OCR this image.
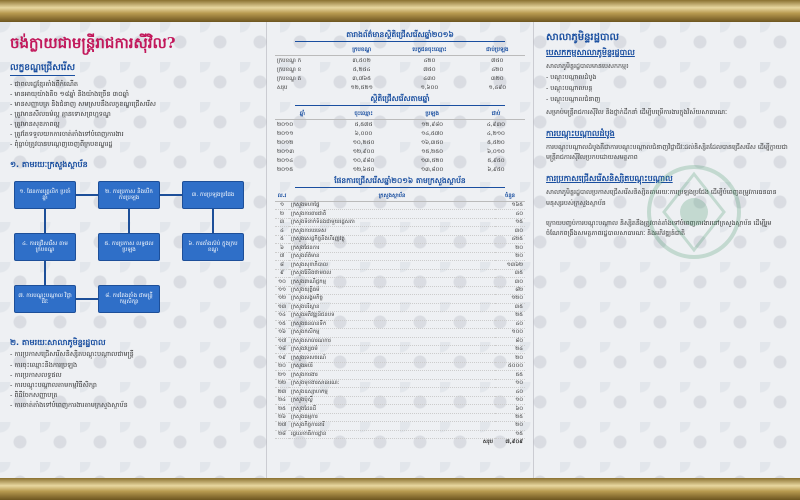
ចង់ក្លាយជាមន្ត្រីរាជការស៊ីវិល?
លក្ខខណ្ឌជ្រើសរើស
- ជាពលរដ្ឋខ្មែរតាំងពីកំណើត
- មានអាយុយ៉ាងតិច ១៨ឆ្នាំ និងយ៉ាងច្រើន ៣០ឆ្នាំ
- មានសញ្ញាបត្រ និងជំនាញ សមស្របនឹងលក្ខខណ្ឌជ្រើសរើស
- ត្រូវមានសីលធម៌ល្អ គ្មានទោសព្រហ្មទណ្ឌ
- ត្រូវមានសុខភាពល្អ
- ត្រូវតែទទួលយកការចាត់តាំងទៅបំពេញការងារ
- ពុំធ្លាប់ត្រូវបានបណ្តេញចេញពីក្របខណ្ឌរដ្ឋ
១. តាមរយៈក្រសួងស្ថាប័ន
១. ផែនការបុគ្គលិក ប្រចាំឆ្នាំ
២. ការប្រកាស និងបើកការប្រឡង
៣. ការប្រឡងប្រជែង
៤. ការជ្រើសរើស តាមក្របខណ្ឌ
៥. ការប្រកាស លទ្ធផលប្រឡង
៦. ការតាំងស៊ប់ ក្នុងក្របខណ្ឌ
៧. ការបណ្តុះបណ្តាល វិជ្ជាជីវៈ
៨. ការតែងតាំង ជាមន្ត្រីកម្មសិក្សា
២. តាមរយៈសាលាភូមិន្ទរដ្ឋបាល
- ការប្រកាសជ្រើសរើសនិស្សិតបណ្តុះបណ្តាលជាមន្ត្រី
- ការចុះឈ្មោះនិងការប្រឡង
- ការប្រកាសលទ្ធផល
- ការបណ្តុះបណ្តាលតាមកម្មវិធីសិក្សា
- ពិធីចែកសញ្ញាបត្រ
- ការចាត់តាំងទៅបំពេញការងារតាមក្រសួងស្ថាប័ន
តារាងព័ត៌មានស្ថិតិជ្រើសរើសឆ្នាំ២០១៦
	ក្របខណ្ឌ	បេក្ខជនចុះឈ្មោះ	ជាប់ប្រឡង
ក្របខណ្ឌ ក	៣,៥០២	៤២០	៧៥០
ក្របខណ្ឌ ខ	៥,២៥៤	៧៥០	៤២០
ក្របខណ្ឌ គ	៣,៧៦៥	៤៣០	៣២០
សរុប	១២,៥២១	១,៦០០	១,៤៩០
ស្ថិតិជ្រើសរើសតាមឆ្នាំ
ឆ្នាំ	ចុះឈ្មោះ	ប្រឡង	ជាប់
២០១០	៥,៥៧៥	១២,៩៨០	៤,៩៣០
២០១១	៦,០០០	១៤,៥៧០	៤,២១០
២០១២	១០,២៥០	១៦,៣៥០	៥,៥២០
២០១៣	១២,៩០០	១៥,២៥០	៦,០១០
២០១៤	១០,៩៨០	១៣,៥២០	៥,៩៥០
២០១៥	១២,៦៥០	១៣,៨០០	៦,៩៥០
ផែនការជ្រើសរើសឆ្នាំ២០១៦ តាមក្រសួងស្ថាប័ន
ល.រ	ក្រសួងស្ថាប័ន	ចំនួន
១	ក្រសួងមហាផ្ទៃ	១៦៥
២	ក្រសួងការពារជាតិ	៤០
៣	ក្រសួងទំនាក់ទំនងជាមួយរដ្ឋសភា	១៥
៤	ក្រសួងការបរទេស	៣០
៥	ក្រសួងសេដ្ឋកិច្ចនិងហិរញ្ញវត្ថុ	៤២៥
៦	ក្រសួងផែនការ	២០
៧	ក្រសួងព័ត៌មាន	២០
៨	ក្រសួងសុខាភិបាល	១៣៦២
៩	ក្រសួងរ៉ែនិងថាមពល	៣៥
១០	ក្រសួងពាណិជ្ជកម្ម	៣០
១១	ក្រសួងយុត្តិធម៌	៨២
១២	ក្រសួងសង្គមកិច្ច	១២០
១៣	ក្រសួងបរិស្ថាន	៣៥
១៤	ក្រសួងអភិវឌ្ឍន៍ជនបទ	២៥
១៥	ក្រសួងធនធានទឹក	៤០
១៦	ក្រសួងកសិកម្ម	១០០
១៧	ក្រសួងសាធារណការ	៨០
១៨	ក្រសួងវប្បធម៌	២៤
១៩	ក្រសួងទេសចរណ៍	២០
២០	ក្រសួងអប់រំ	៥០០០
២១	ក្រសួងការងារ	៥៥
២២	ក្រសួងមុខងារសាធារណៈ	១០
២៣	ក្រសួងឧស្សាហកម្ម	៤០
២៤	ក្រសួងប៉ុស្តិ៍	១០
២៥	ក្រសួងដែនដី	៦០
២៦	ក្រសួងធម្មការ	២៥
២៧	ក្រសួងកិច្ចការនារី	២០
២៨	រដ្ឋលេខាធិការដ្ឋាន	១៥
	សរុប	៧,៩០៩
សាលាភូមិន្ទរដ្ឋបាល
បេសកកម្មសាលាភូមិន្ទរដ្ឋបាល
សាលាភូមិន្ទរដ្ឋបាលមានបេសកកម្ម៖
- បណ្តុះបណ្តាលដំបូង
- បណ្តុះបណ្តាលបន្ត
- បណ្តុះបណ្តាលជំនាញ
សម្រាប់មន្ត្រីរាជការស៊ីវិល និងថ្នាក់ដឹកនាំ ដើម្បីបម្រើការងារក្នុងវិស័យសាធារណៈ
ការបណ្តុះបណ្តាលដំបូង
ការបណ្តុះបណ្តាលដំបូងគឺជាការបណ្តុះបណ្តាលជំនាញវិជ្ជាជីវៈដល់និស្សិតដែលបានជ្រើសរើស ដើម្បីក្លាយជាមន្ត្រីរាជការស៊ីវិលប្រកបដោយសមត្ថភាព
ការប្រកាសជ្រើសរើសនិស្សិតបណ្តុះបណ្តាល
សាលាភូមិន្ទរដ្ឋបាលប្រកាសជ្រើសរើសនិស្សិតតាមរយៈការប្រឡងប្រជែង ដើម្បីបំពេញតម្រូវការធនធានមនុស្សរបស់ក្រសួងស្ថាប័ន
ក្រោយបញ្ចប់ការបណ្តុះបណ្តាល និស្សិតនឹងត្រូវចាត់តាំងទៅបំពេញការងារនៅក្រសួងស្ថាប័ន ដើម្បីរួមចំណែកពង្រឹងសមត្ថភាពរដ្ឋបាលសាធារណៈ និងអភិវឌ្ឍន៍ជាតិ
